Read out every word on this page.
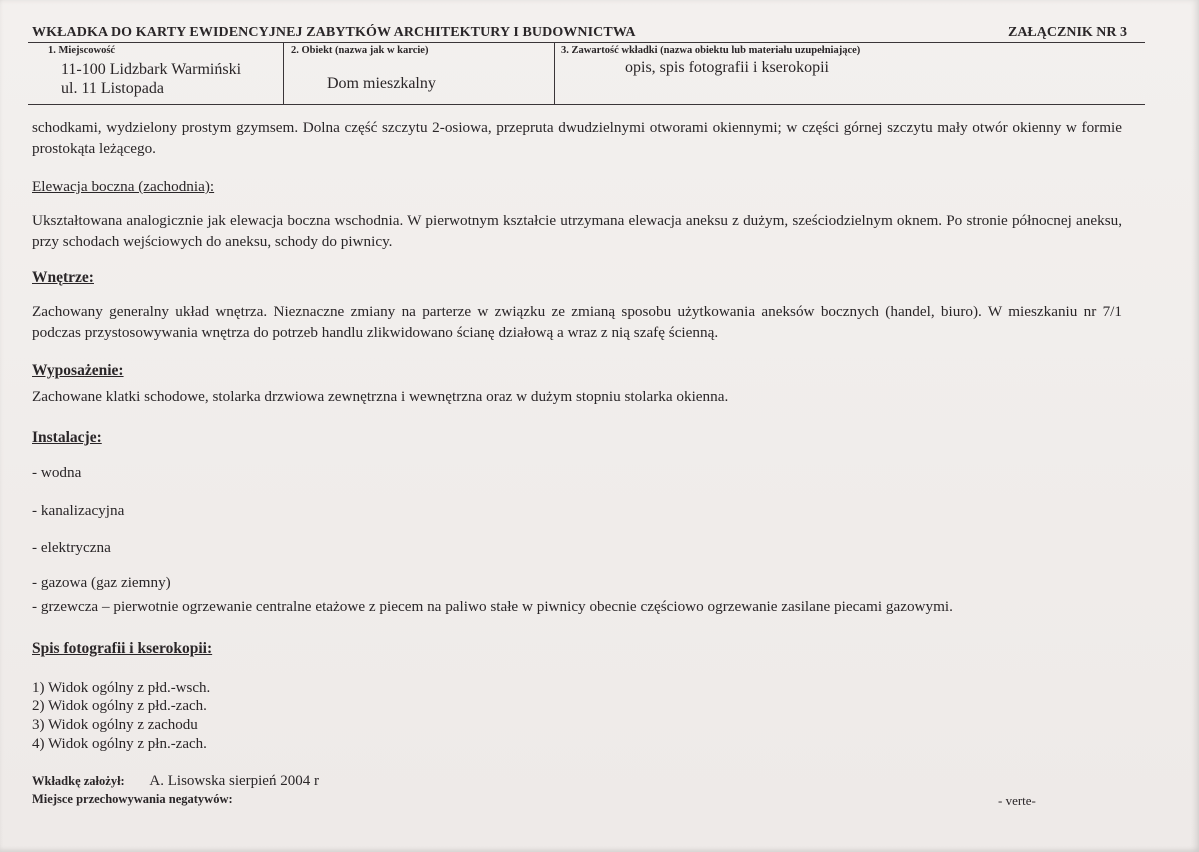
WKŁADKA DO KARTY EWIDENCYJNEJ ZABYTKÓW ARCHITEKTURY I BUDOWNICTWA	ZAŁĄCZNIK NR 3
1. Miejscowość
11-100 Lidzbark Warmiński
ul. 11 Listopada
2. Obiekt (nazwa jak w karcie)
Dom mieszkalny
3. Zawartość wkładki (nazwa obiektu lub materiału uzupełniające)
opis, spis fotografii i kserokopii
schodkami, wydzielony prostym gzymsem. Dolna część szczytu 2-osiowa, przepruta dwudzielnymi otworami okiennymi; w części górnej szczytu mały otwór okienny w formie prostokąta leżącego.
Elewacja boczna (zachodnia):
Ukształtowana analogicznie jak elewacja boczna wschodnia. W pierwotnym kształcie utrzymana elewacja aneksu z dużym, sześciodzielnym oknem. Po stronie północnej aneksu, przy schodach wejściowych do aneksu, schody do piwnicy.
Wnętrze:
Zachowany generalny układ wnętrza. Nieznaczne zmiany na parterze w związku ze zmianą sposobu użytkowania aneksów bocznych (handel, biuro). W mieszkaniu nr 7/1 podczas przystosowywania wnętrza do potrzeb handlu zlikwidowano ścianę działową a wraz z nią szafę ścienną.
Wyposażenie:
Zachowane klatki schodowe, stolarka drzwiowa zewnętrzna i wewnętrzna oraz w dużym stopniu stolarka okienna.
Instalacje:
- wodna
- kanalizacyjna
- elektryczna
- gazowa (gaz ziemny)
- grzewcza – pierwotnie ogrzewanie centralne etażowe z piecem na paliwo stałe w piwnicy obecnie częściowo ogrzewanie zasilane piecami gazowymi.
Spis fotografii i kserokopii:
1) Widok ogólny z płd.-wsch.
2) Widok ogólny z płd.-zach.
3) Widok ogólny z zachodu
4) Widok ogólny z płn.-zach.
Wkładkę założył: A. Lisowska sierpień 2004 r
Miejsce przechowywania negatywów:	- verte-
